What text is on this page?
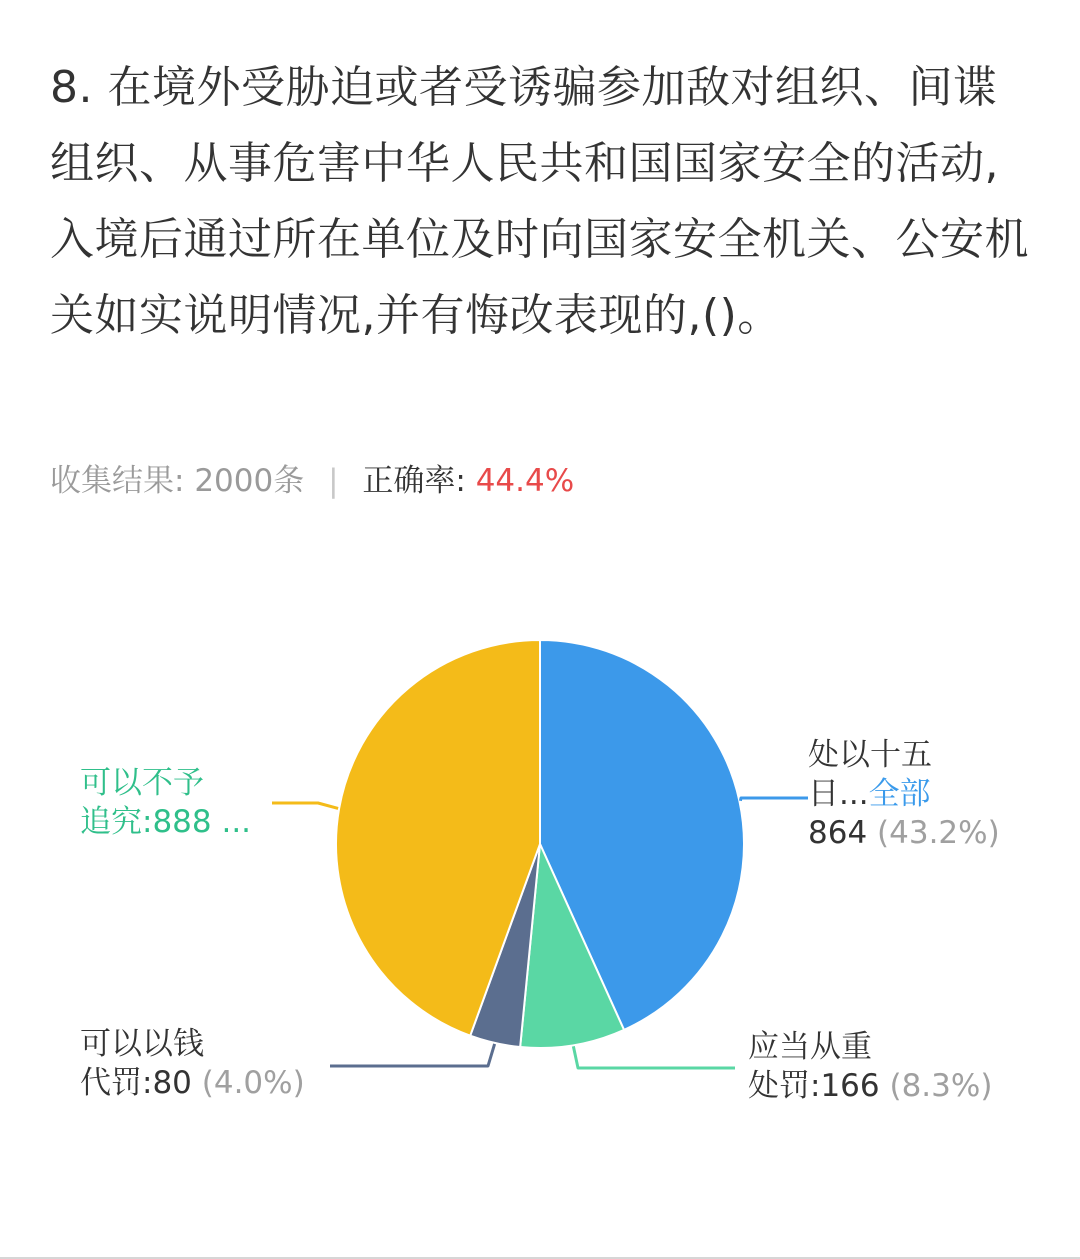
8. 在境外受胁迫或者受诱骗参加敌对组织、间谍组织、从事危害中华人民共和国国家安全的活动,入境后通过所在单位及时向国家安全机关、公安机关如实说明情况,并有悔改表现的,()。
收集结果: 2000条 | 正确率: 44.4%
处以十五
日...全部
864 (43.2%)
应当从重
处罚:166 (8.3%)
可以以钱
代罚:80 (4.0%)
可以不予
追究:888 ...
